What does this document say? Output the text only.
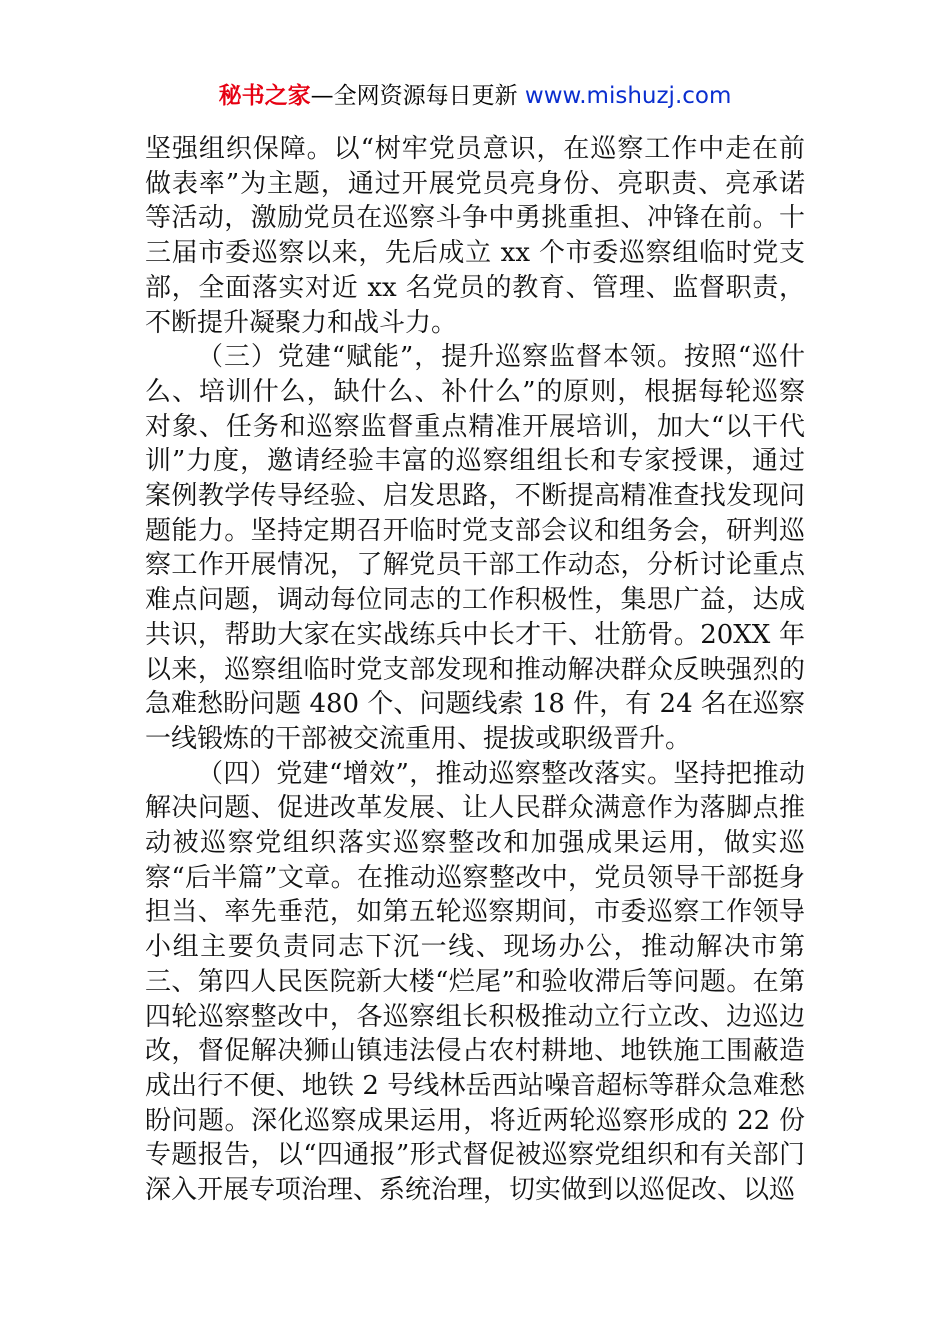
秘书之家—全网资源每日更新 www.mishuzj.com

坚强组织保障。以“树牢党员意识，在巡察工作中走在前做表率”为主题，通过开展党员亮身份、亮职责、亮承诺等活动，激励党员在巡察斗争中勇挑重担、冲锋在前。十三届市委巡察以来，先后成立 xx 个市委巡察组临时党支部，全面落实对近 xx 名党员的教育、管理、监督职责，不断提升凝聚力和战斗力。

（三）党建“赋能”，提升巡察监督本领。按照“巡什么、培训什么，缺什么、补什么”的原则，根据每轮巡察对象、任务和巡察监督重点精准开展培训，加大“以干代训”力度，邀请经验丰富的巡察组组长和专家授课，通过案例教学传导经验、启发思路，不断提高精准查找发现问题能力。坚持定期召开临时党支部会议和组务会，研判巡察工作开展情况，了解党员干部工作动态，分析讨论重点难点问题，调动每位同志的工作积极性，集思广益，达成共识，帮助大家在实战练兵中长才干、壮筋骨。20XX 年以来，巡察组临时党支部发现和推动解决群众反映强烈的急难愁盼问题 480 个、问题线索 18 件，有 24 名在巡察一线锻炼的干部被交流重用、提拔或职级晋升。

（四）党建“增效”，推动巡察整改落实。坚持把推动解决问题、促进改革发展、让人民群众满意作为落脚点推动被巡察党组织落实巡察整改和加强成果运用，做实巡察“后半篇”文章。在推动巡察整改中，党员领导干部挺身担当、率先垂范，如第五轮巡察期间，市委巡察工作领导小组主要负责同志下沉一线、现场办公，推动解决市第三、第四人民医院新大楼“烂尾”和验收滞后等问题。在第四轮巡察整改中，各巡察组长积极推动立行立改、边巡边改，督促解决狮山镇违法侵占农村耕地、地铁施工围蔽造成出行不便、地铁 2 号线林岳西站噪音超标等群众急难愁盼问题。深化巡察成果运用，将近两轮巡察形成的 22 份专题报告，以“四通报”形式督促被巡察党组织和有关部门深入开展专项治理、系统治理，切实做到以巡促改、以巡
